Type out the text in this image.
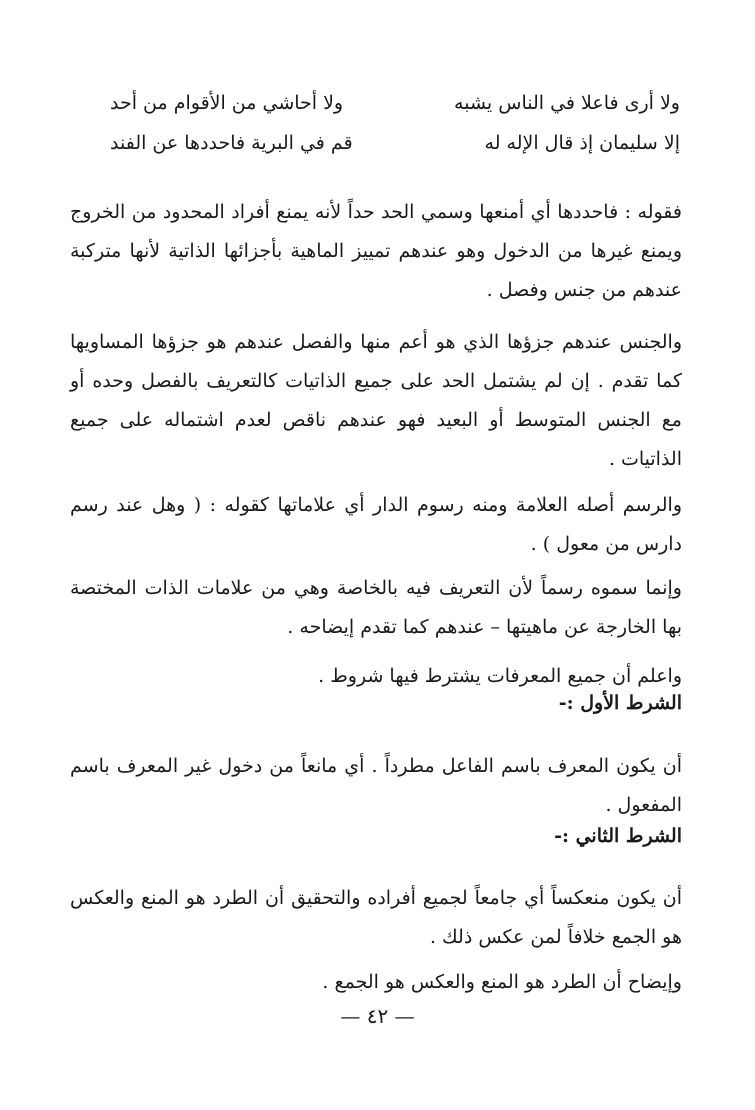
ولا أرى فاعلا في الناس يشبه
ولا أحاشي من الأقوام من أحد
إلا سليمان إذ قال الإله له
قم في البرية فاحددها عن الفند

فقوله : فاحددها أي أمنعها وسمي الحد حداً لأنه يمنع أفراد المحدود من الخروج ويمنع غيرها من الدخول وهو عندهم تمييز الماهية بأجزائها الذاتية لأنها متركبة عندهم من جنس وفصل .

والجنس عندهم جزؤها الذي هو أعم منها والفصل عندهم هو جزؤها المساويها كما تقدم . إن لم يشتمل الحد على جميع الذاتيات كالتعريف بالفصل وحده أو مع الجنس المتوسط أو البعيد فهو عندهم ناقص لعدم اشتماله على جميع الذاتيات .

والرسم أصله العلامة ومنه رسوم الدار أي علاماتها كقوله : ( وهل عند رسم دارس من معول ) .

وإنما سموه رسماً لأن التعريف فيه بالخاصة وهي من علامات الذات المختصة بها الخارجة عن ماهيتها – عندهم كما تقدم إيضاحه .

واعلم أن جميع المعرفات يشترط فيها شروط .

الشرط الأول :-

أن يكون المعرف باسم الفاعل مطرداً . أي مانعاً من دخول غير المعرف باسم المفعول .

الشرط الثاني :-

أن يكون منعكساً أي جامعاً لجميع أفراده والتحقيق أن الطرد هو المنع والعكس هو الجمع خلافاً لمن عكس ذلك .

وإيضاح أن الطرد هو المنع والعكس هو الجمع .

— ٤٢ —
